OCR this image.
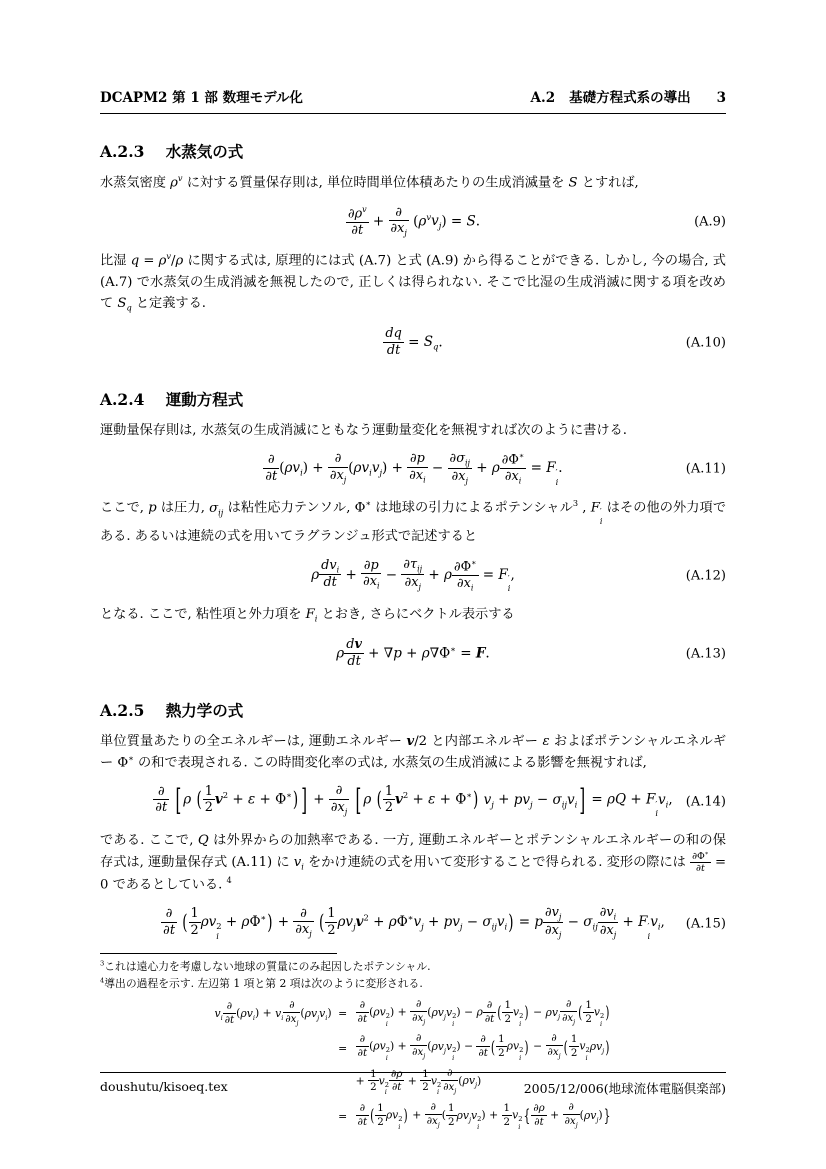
DCAPM2 第 1 部 数理モデル化	A.2 基礎方程式系の導出 3
A.2.3 水蒸気の式

水蒸気密度 $\rho^v$ に対する質量保存則は, 単位時間単位体積あたりの生成消滅量を S とすれば,

$\frac{\partial\rho^v}{\partial t}$ +
∂
$\partial x_j$
$(\rho^vv_j) = S$.	(A.9)

比湿 $q = \rho^v/\rho$ に関する式は, 原理的には式 (A.7) と式 (A.9) から得ることができる. しかし, 今の場合, 式 (A.7) で水蒸気の生成消滅を無視したので, 正しくは得られない. そこで比湿の生成消滅に関する項を改めて $S_q$ と定義する.

$\frac{dq}{dt} = S_q$.	(A.10)
A.2.4 運動方程式

運動量保存則は, 水蒸気の生成消滅にともなう運動量変化を無視すれば次のように書ける.

∂
∂t $(\rho v_i)$ +
∂
$\partial x_j$
$(\rho v_iv_j) + \frac{\partial p}{\partial x_i}$ −
$\partial\sigma_{ij}$
$\partial x_j$
+ ρ $\frac{\partial\Phi^∗}{\partial x_i} = F$ ′
i
.	(A.11)

ここで, p は圧力, $\sigma_{ij}$ は粘性応力テンソル, Φ∗ は地球の引力によるポテンシャル$^3$ , F ′
i
はその他の外力項である. あるいは連続の式を用いてラグランジュ形式で記述すると

ρ
$dv_i$
dt
+ $\frac{\partial p}{\partial x_i}$ −
$\partial\tau_{ij}$
$\partial x_j$
+ ρ $\frac{\partial\Phi^∗}{\partial x_i} = F$ ′
i
,	(A.12)

となる. ここで, 粘性項と外力項を $F_i$ とおき, さらにベクトル表示する

ρ $\frac{dv}{dt} + \nabla p + \rho\nabla\Phi^∗ = F$.	(A.13)
A.2.5 熱力学の式

単位質量あたりの全エネルギーは, 運動エネルギー v/2 と内部エネルギー ε およぼポテンシャルエネルギー Φ∗ の和で表現される. この時間変化率の式は, 水蒸気の生成消滅による影響を無視すれば,

∂
∂t [ ρ ( $\frac{1}{2} v^2 + \varepsilon + \Phi^∗$) ] +
∂
$\partial x_j$ [ ρ ( $\frac{1}{2} v^2 + \varepsilon + \Phi^∗$) $v_j + pv_j - \sigma_{ij}v_i$ ] = ρQ + F ′
i
$v_i$,	(A.14)

である. ここで, Q は外界からの加熱率である. 一方, 運動エネルギーとポテンシャルエネルギーの和の保存式は, 運動量保存式 (A.11) に $v_i$ をかけ連続の式を用いて変形することで得られる. 変形の際には $\frac{\partial\Phi^∗}{\partial t} = 0$ であるとしている. $^4$

∂
∂t ( $\frac{1}{2}$ ρv 2
i
+ ρΦ∗) +
∂
$\partial x_j$ ( $\frac{1}{2} \rho v_jv^2 + \rho\Phi^∗v_j + pv_j - \sigma_{ij}v_i) = p \frac{\partial v_j}{\partial x_j} - \sigma_{ij} \frac{\partial v_i}{\partial x_j} + F$ ′
i
$v_i$,	(A.15)

$^3$これは遠心力を考慮しない地球の質量にのみ起因したポテンシャル.

$^4$導出の過程を示す. 左辺第 1 項と第 2 項は次のように変形される.

$v_i$
∂
∂t $(\rho v_i) + v_i$
∂
$\partial x_j$
$(\rho v_jv_i)$ =
∂
∂t (ρv 2
i
) +
∂
$\partial x_j$
($\rho v_jv$ 2
i
) − ρ
∂
∂t ( $\frac{1}{2}$ v 2
i
) − $\rho v_j$
∂
$\partial x_j$ ( $\frac{1}{2}$ v 2
i
)
=
∂
∂t (ρv 2
i
) +
∂
$\partial x_j$
($\rho v_jv$ 2
i
) −
∂
∂t ( $\frac{1}{2}$ ρv 2
i
) −
∂
$\partial x_j$ ( $\frac{1}{2}$ v 2
i
$\rho v_j$)
+ $\frac{1}{2}$ v 2
i $\frac{\partial\rho}{\partial t} + \frac{1}{2}$ v 2
i
∂
$\partial x_j$
$(\rho v_j)$
=
∂
∂t ( $\frac{1}{2}$ ρv 2
i
) +
∂
$\partial x_j$
( $\frac{1}{2} \rho v_jv$ 2
i
) + $\frac{1}{2}$ v 2
i
{ $\frac{\partial\rho}{\partial t}$ +
∂
$\partial x_j$
$(\rho v_j)$}
doushutu/kisoeq.tex	2005/12/006(地球流体電脳倶楽部)
